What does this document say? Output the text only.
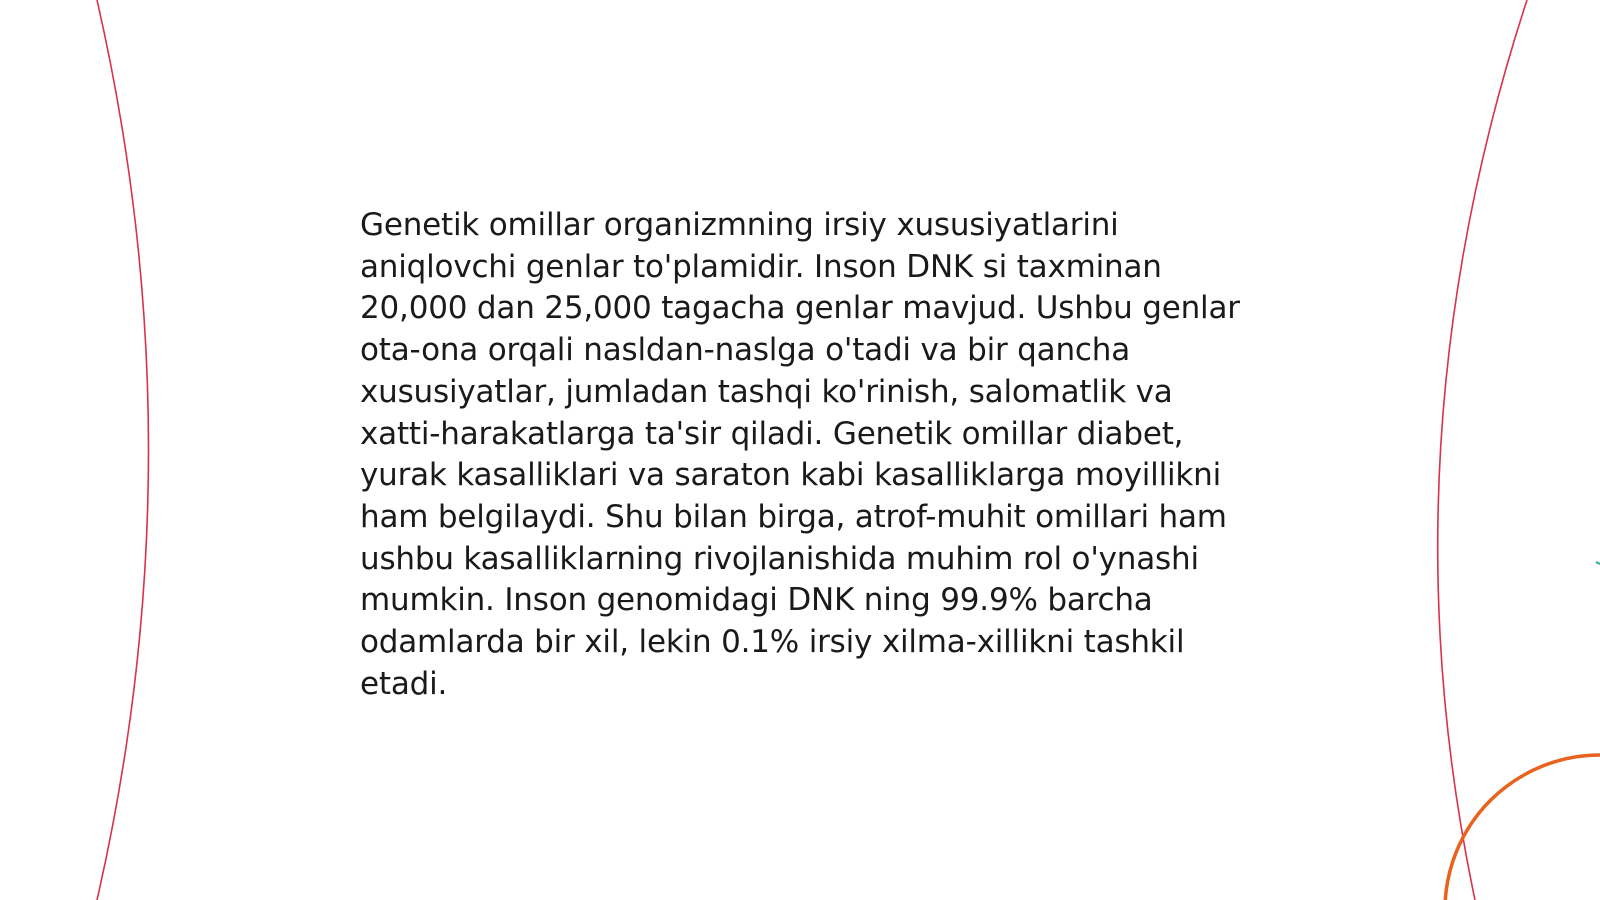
Genetik omillar organizmning irsiy xususiyatlarini aniqlovchi genlar to'plamidir. Inson DNK si taxminan 20,000 dan 25,000 tagacha genlar mavjud. Ushbu genlar ota-ona orqali nasldan-naslga o'tadi va bir qancha xususiyatlar, jumladan tashqi ko'rinish, salomatlik va xatti-harakatlarga ta'sir qiladi. Genetik omillar diabet, yurak kasalliklari va saraton kabi kasalliklarga moyillikni ham belgilaydi. Shu bilan birga, atrof-muhit omillari ham ushbu kasalliklarning rivojlanishida muhim rol o'ynashi mumkin. Inson genomidagi DNK ning 99.9% barcha odamlarda bir xil, lekin 0.1% irsiy xilma-xillikni tashkil etadi.
